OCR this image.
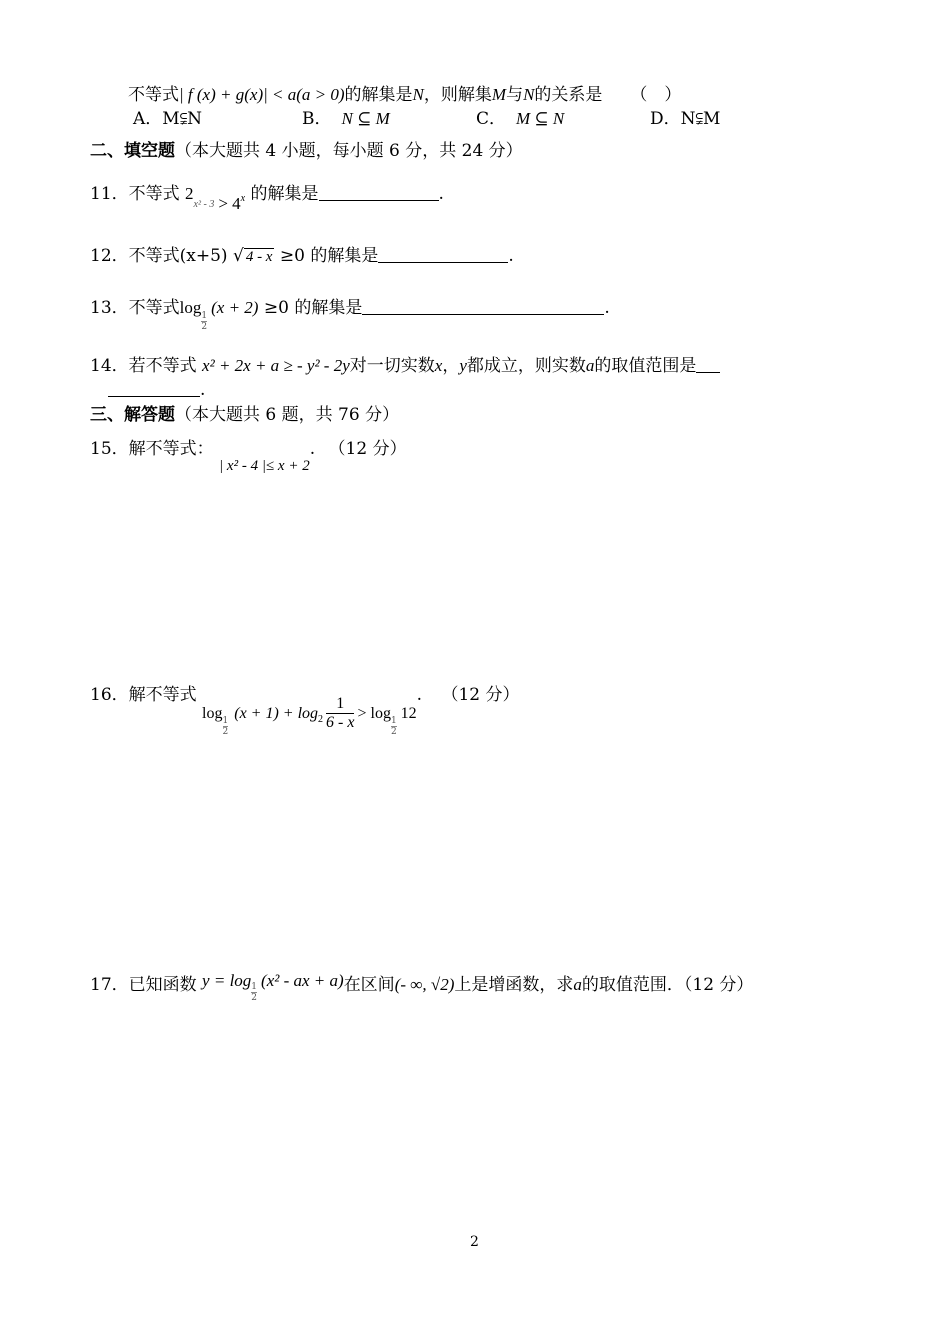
不等式| f (x) + g(x)| < a(a > 0)的解集是N，则解集M与N的关系是 （　）
A．M⫋N	B． N ⊆ M	C． M ⊆ N	D．N⫋M
二、填空题（本大题共 4 小题，每小题 6 分，共 24 分）
11．不等式 $2_{x^2 - 3} > 4_x$ 的解集是	.
12．不等式(x+5) √ 4 - x ≥0 的解集是	.
13．不等式log
$\frac{1}{2}(x + 2) \ge 0$ 的解集是	.
14．若不等式 x² + 2x + a ≥ - y² - 2y对一切实数x，y都成立，则实数a的取值范围是
.
三、解答题（本大题共 6 题，共 76 分）
15．解不等式： | x² - 4 |≤ x + 2. （12 分）
16．解不等式 log
$\frac{1}{2}(x + 1) + \log_2 \frac{1}{6 - x} > \log$
$\frac{1}{2}12$. （12 分）
17．已知函数 y = log
$\frac{1}{2}(x^2$ - ax + a)在区间(- ∞, √2)上是增函数，求a的取值范围．（12 分）
2
